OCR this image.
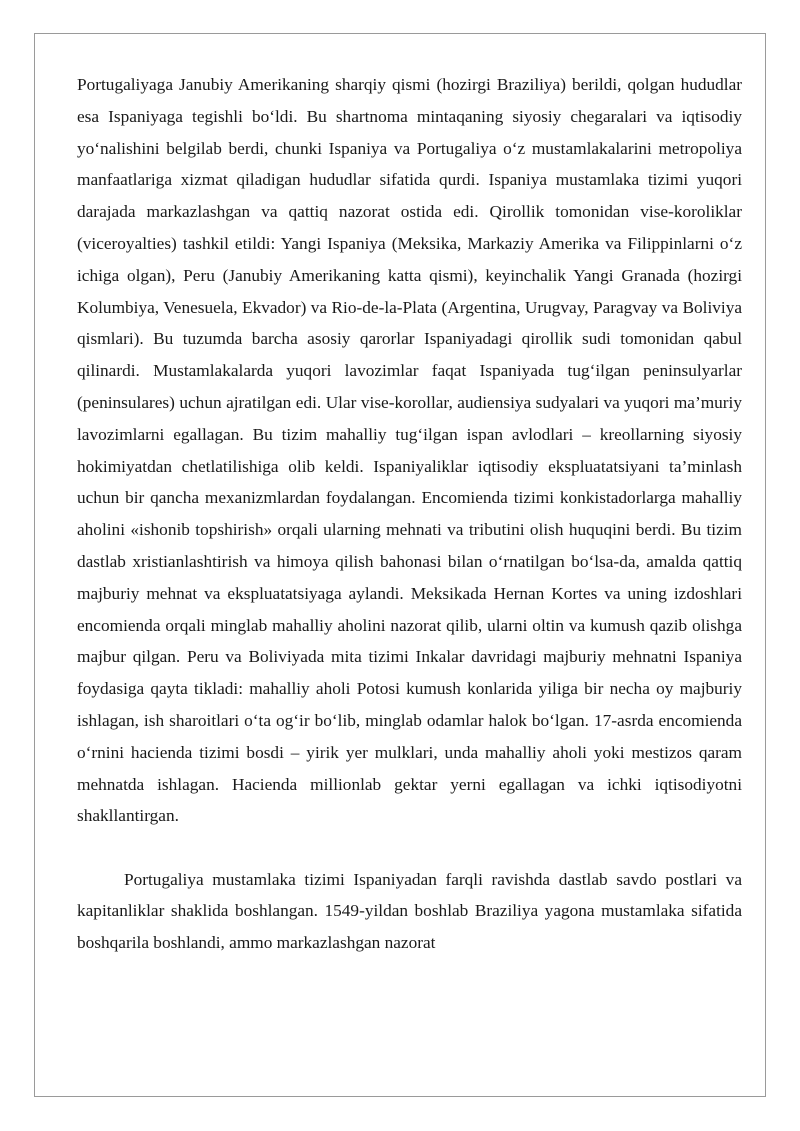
Portugaliyaga Janubiy Amerikaning sharqiy qismi (hozirgi Braziliya) berildi, qolgan hududlar esa Ispaniyaga tegishli bo‘ldi. Bu shartnoma mintaqaning siyosiy chegaralari va iqtisodiy yo‘nalishini belgilab berdi, chunki Ispaniya va Portugaliya o‘z mustamlakalarini metropoliya manfaatlariga xizmat qiladigan hududlar sifatida qurdi. Ispaniya mustamlaka tizimi yuqori darajada markazlashgan va qattiq nazorat ostida edi. Qirollik tomonidan vise-koroliklar (viceroyalties) tashkil etildi: Yangi Ispaniya (Meksika, Markaziy Amerika va Filippinlarni o‘z ichiga olgan), Peru (Janubiy Amerikaning katta qismi), keyinchalik Yangi Granada (hozirgi Kolumbiya, Venesuela, Ekvador) va Rio-de-la-Plata (Argentina, Urugvay, Paragvay va Boliviya qismlari). Bu tuzumda barcha asosiy qarorlar Ispaniyadagi qirollik sudi tomonidan qabul qilinardi. Mustamlakalarda yuqori lavozimlar faqat Ispaniyada tug‘ilgan peninsulyarlar (peninsulares) uchun ajratilgan edi. Ular vise-korollar, audiensiya sudyalari va yuqori ma’muriy lavozimlarni egallagan. Bu tizim mahalliy tug‘ilgan ispan avlodlari – kreollarning siyosiy hokimiyatdan chetlatilishiga olib keldi. Ispaniyaliklar iqtisodiy ekspluatatsiyani ta’minlash uchun bir qancha mexanizmlardan foydalangan. Encomienda tizimi konkistadorlarga mahalliy aholini «ishonib topshirish» orqali ularning mehnati va tributini olish huquqini berdi. Bu tizim dastlab xristianlashtirish va himoya qilish bahonasi bilan o‘rnatilgan bo‘lsa-da, amalda qattiq majburiy mehnat va ekspluatatsiyaga aylandi. Meksikada Hernan Kortes va uning izdoshlari encomienda orqali minglab mahalliy aholini nazorat qilib, ularni oltin va kumush qazib olishga majbur qilgan. Peru va Boliviyada mita tizimi Inkalar davridagi majburiy mehnatni Ispaniya foydasiga qayta tikladi: mahalliy aholi Potosi kumush konlarida yiliga bir necha oy majburiy ishlagan, ish sharoitlari o‘ta og‘ir bo‘lib, minglab odamlar halok bo‘lgan. 17-asrda encomienda o‘rnini hacienda tizimi bosdi – yirik yer mulklari, unda mahalliy aholi yoki mestizos qaram mehnatda ishlagan. Hacienda millionlab gektar yerni egallagan va ichki iqtisodiyotni shakllantirgan.

Portugaliya mustamlaka tizimi Ispaniyadan farqli ravishda dastlab savdo postlari va kapitanliklar shaklida boshlangan. 1549-yildan boshlab Braziliya yagona mustamlaka sifatida boshqarila boshlandi, ammo markazlashgan nazorat
